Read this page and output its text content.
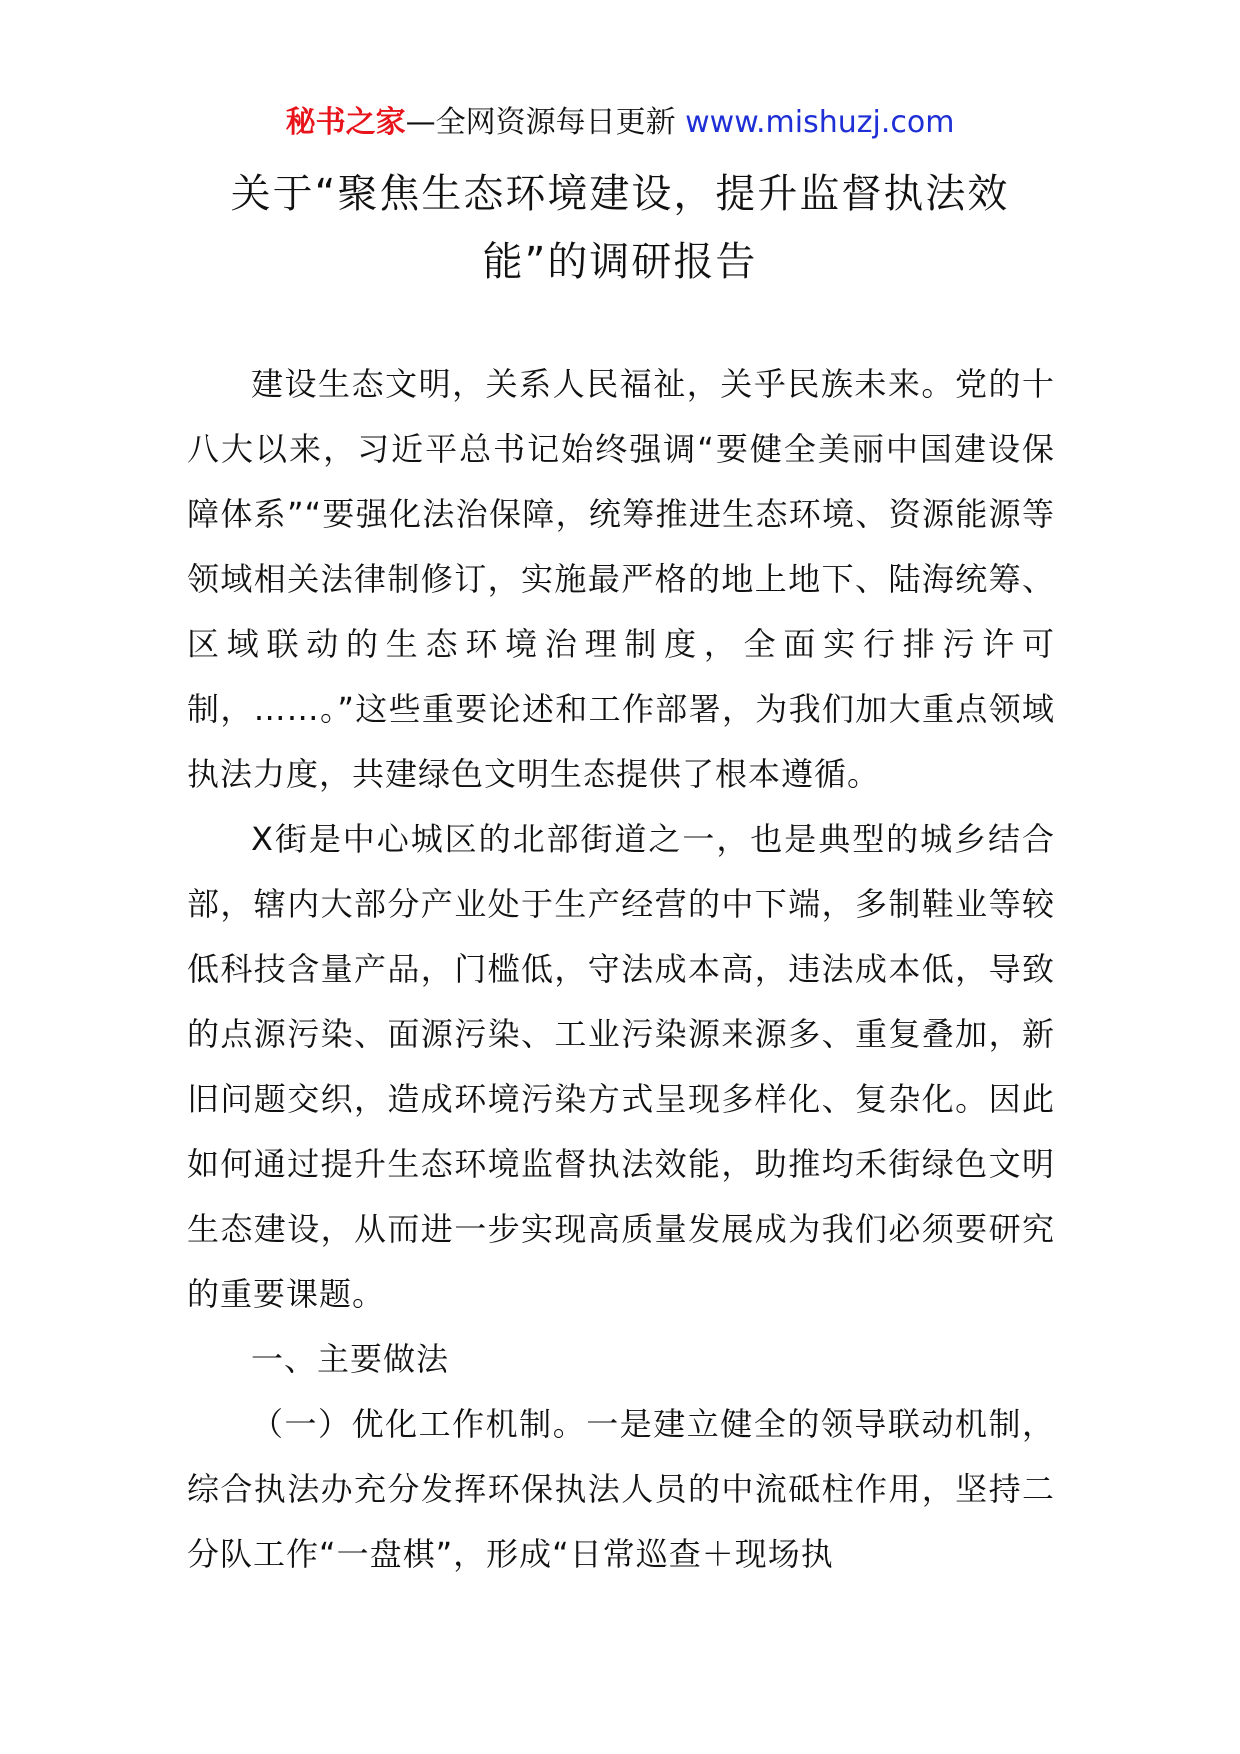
秘书之家—全网资源每日更新 www.mishuzj.com
关于“聚焦生态环境建设，提升监督执法效
能”的调研报告

建设生态文明，关系人民福祉，关乎民族未来。党的十八大以来，习近平总书记始终强调“要健全美丽中国建设保障体系”“要强化法治保障，统筹推进生态环境、资源能源等领域相关法律制修订，实施最严格的地上地下、陆海统筹、区域联动的生态环境治理制度，全面实行排污许可制，……。”这些重要论述和工作部署，为我们加大重点领域执法力度，共建绿色文明生态提供了根本遵循。

X街是中心城区的北部街道之一，也是典型的城乡结合部，辖内大部分产业处于生产经营的中下端，多制鞋业等较低科技含量产品，门槛低，守法成本高，违法成本低，导致的点源污染、面源污染、工业污染源来源多、重复叠加，新旧问题交织，造成环境污染方式呈现多样化、复杂化。因此如何通过提升生态环境监督执法效能，助推均禾街绿色文明生态建设，从而进一步实现高质量发展成为我们必须要研究的重要课题。

一、主要做法

（一）优化工作机制。一是建立健全的领导联动机制，综合执法办充分发挥环保执法人员的中流砥柱作用，坚持二分队工作“一盘棋”，形成“日常巡查＋现场执
